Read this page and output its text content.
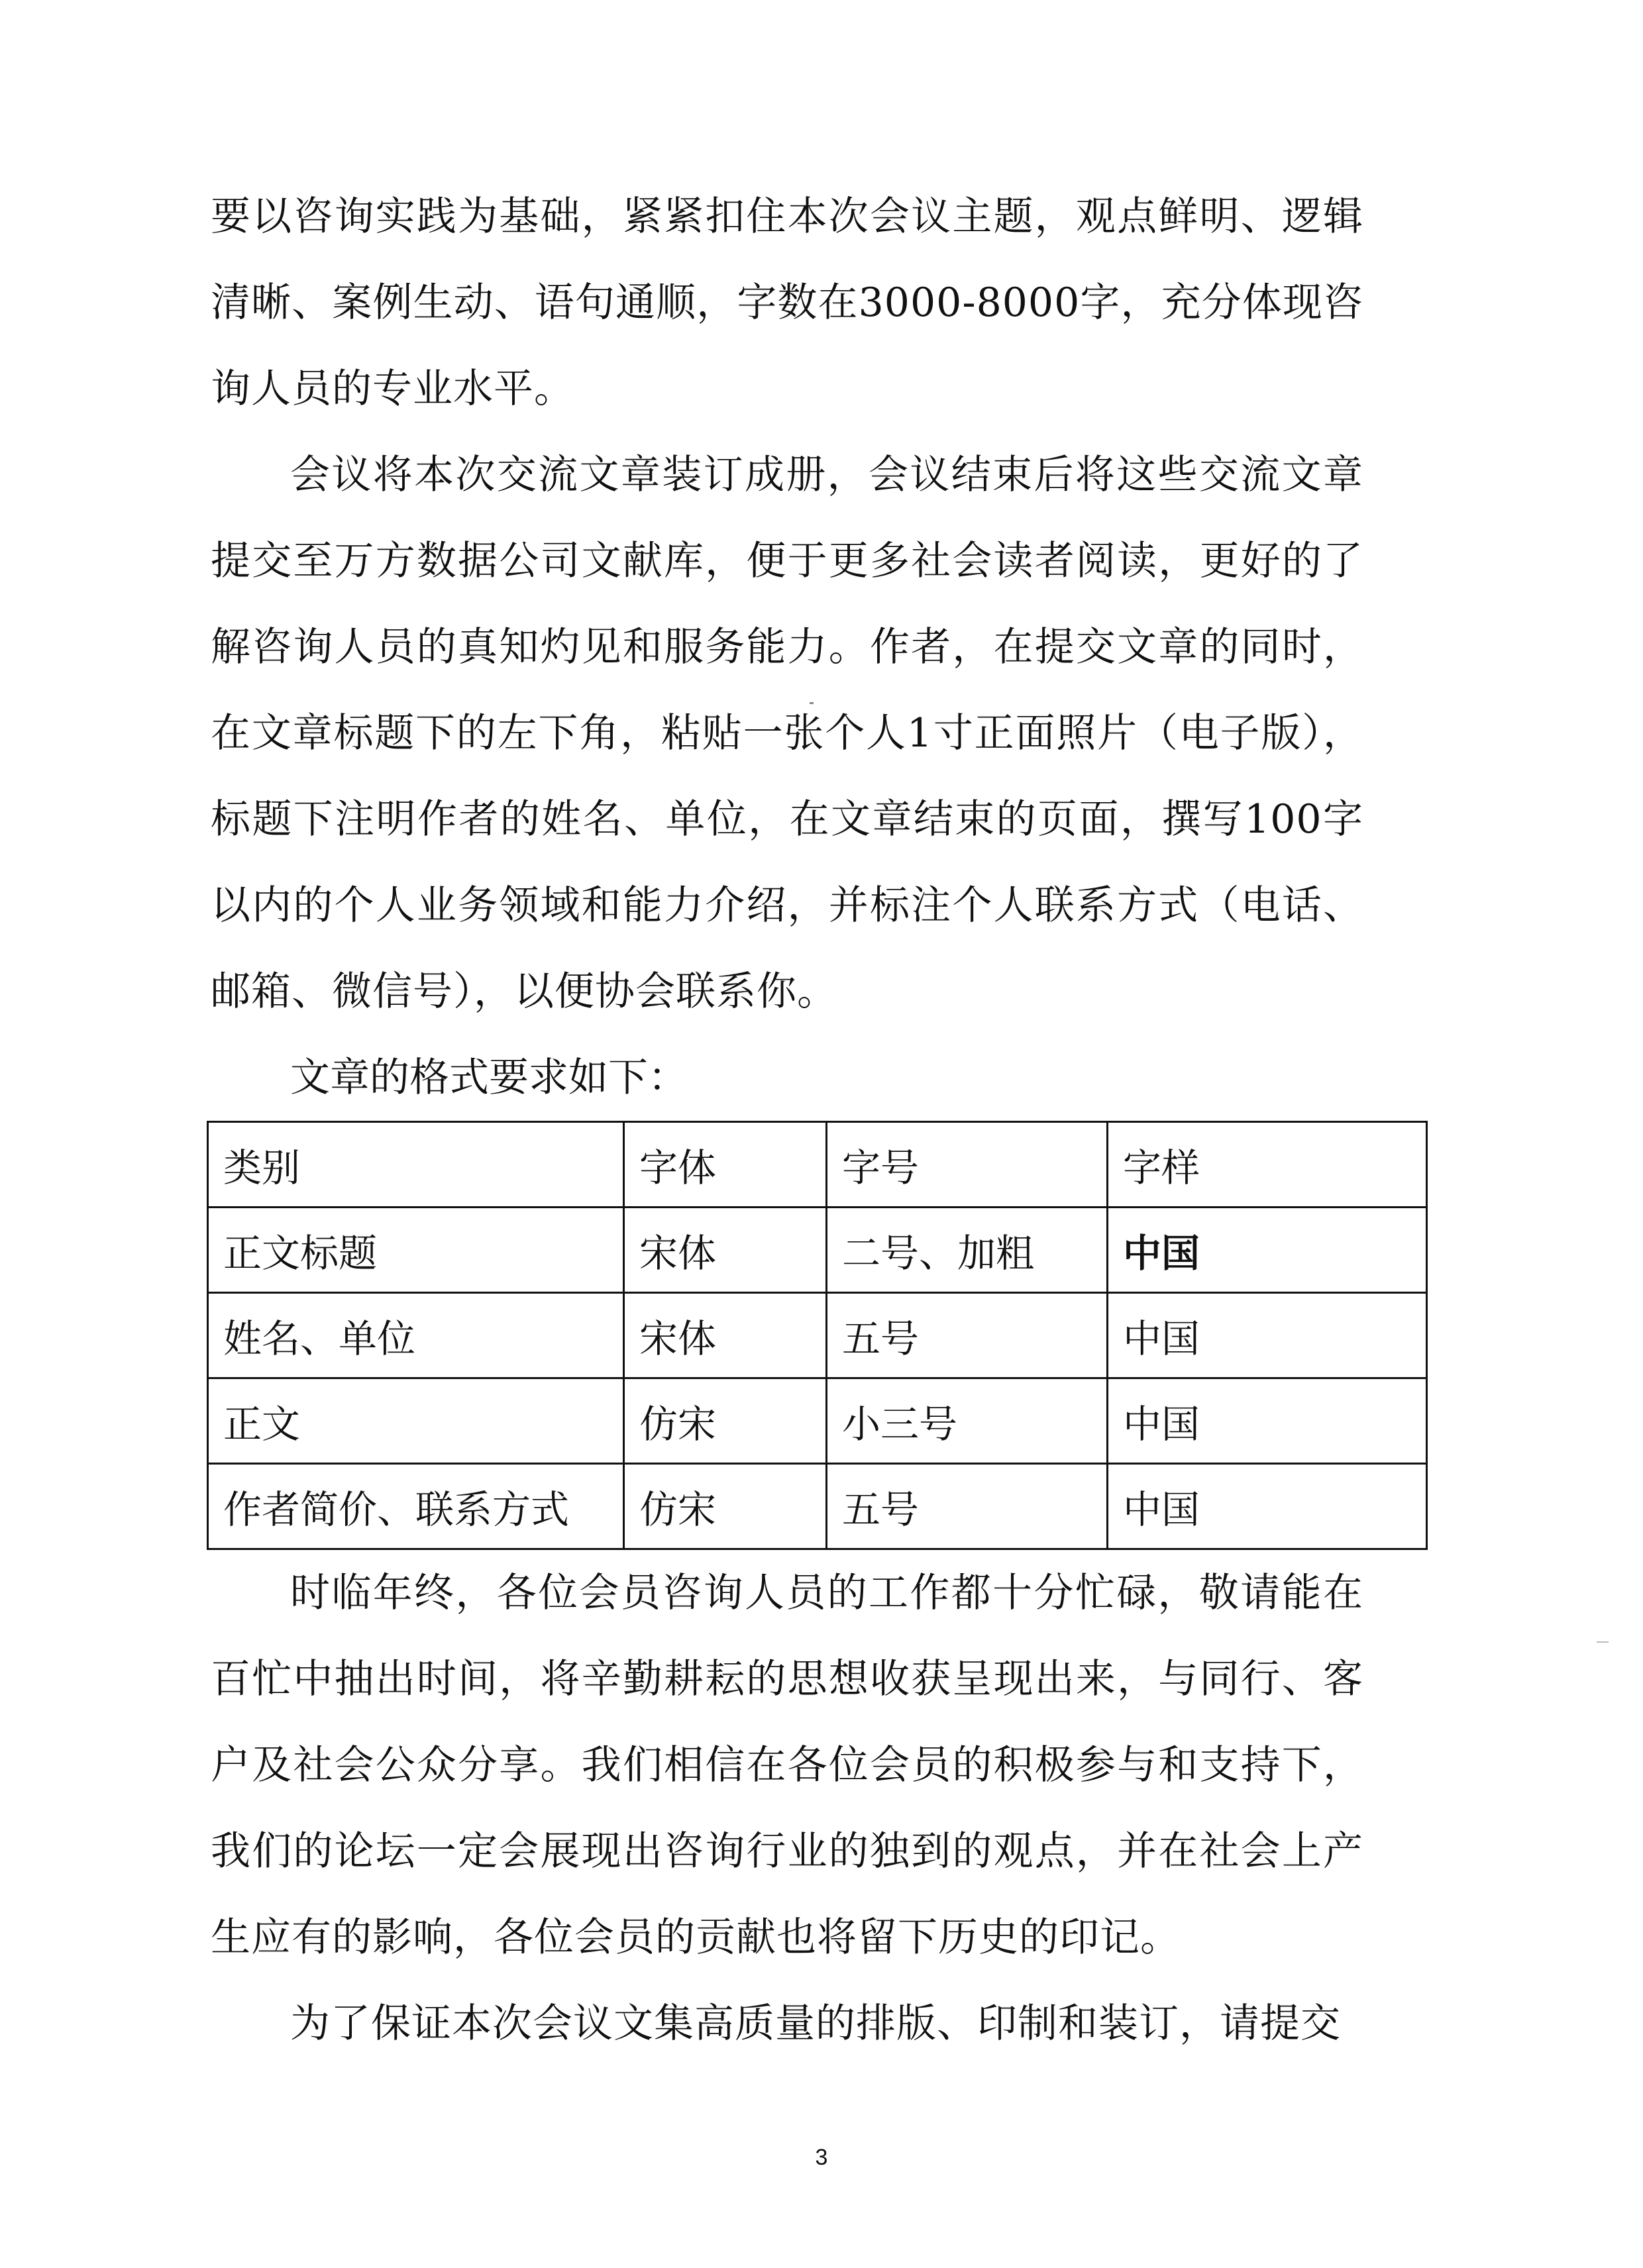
要以咨询实践为基础，紧紧扣住本次会议主题，观点鲜明、逻辑清晰、案例生动、语句通顺，字数在3000-8000字，充分体现咨询人员的专业水平。

会议将本次交流文章装订成册，会议结束后将这些交流文章提交至万方数据公司文献库，便于更多社会读者阅读，更好的了解咨询人员的真知灼见和服务能力。作者，在提交文章的同时，在文章标题下的左下角，粘贴一张个人1寸正面照片（电子版），标题下注明作者的姓名、单位，在文章结束的页面，撰写100字以内的个人业务领域和能力介绍，并标注个人联系方式（电话、邮箱、微信号），以便协会联系你。

文章的格式要求如下：

类别	字体	字号	字样
正文标题	宋体	二号、加粗	中国
姓名、单位	宋体	五号	中国
正文	仿宋	小三号	中国
作者简价、联系方式	仿宋	五号	中国

时临年终，各位会员咨询人员的工作都十分忙碌，敬请能在百忙中抽出时间，将辛勤耕耘的思想收获呈现出来，与同行、客户及社会公众分享。我们相信在各位会员的积极参与和支持下，我们的论坛一定会展现出咨询行业的独到的观点，并在社会上产生应有的影响，各位会员的贡献也将留下历史的印记。

为了保证本次会议文集高质量的排版、印制和装订，请提交

3
